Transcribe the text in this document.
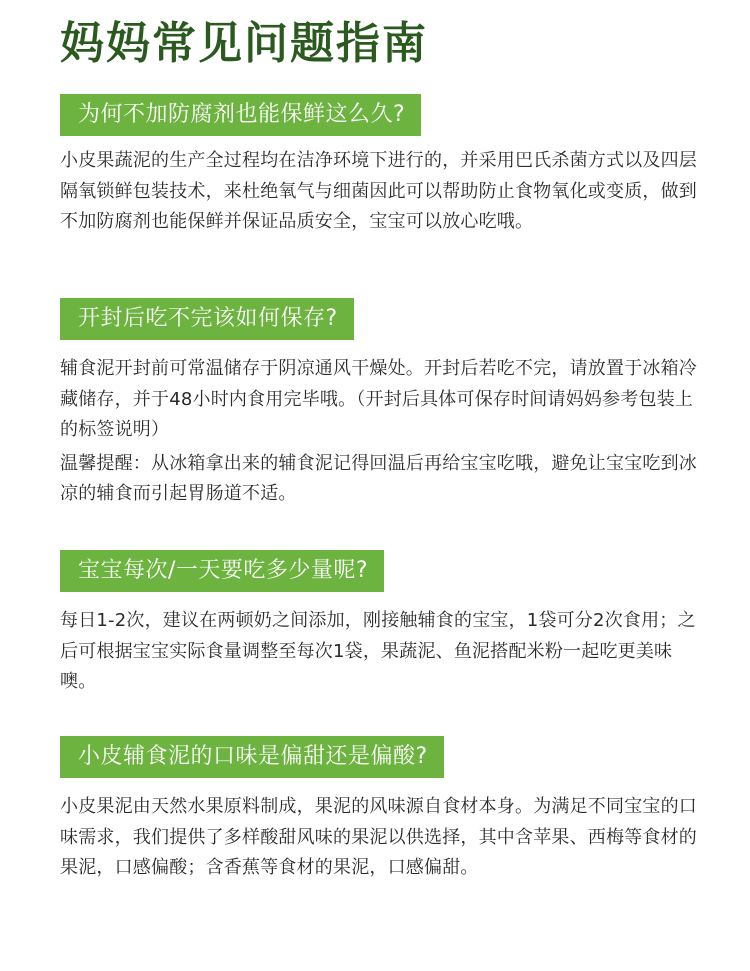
妈妈常见问题指南
为何不加防腐剂也能保鲜这么久?

小皮果蔬泥的生产全过程均在洁净环境下进行的，并采用巴氏杀菌方式以及四层隔氧锁鲜包装技术，来杜绝氧气与细菌因此可以帮助防止食物氧化或变质，做到不加防腐剂也能保鲜并保证品质安全，宝宝可以放心吃哦。

开封后吃不完该如何保存?

辅食泥开封前可常温储存于阴凉通风干燥处。开封后若吃不完，请放置于冰箱冷藏储存，并于48小时内食用完毕哦。（开封后具体可保存时间请妈妈参考包装上的标签说明）

温馨提醒：从冰箱拿出来的辅食泥记得回温后再给宝宝吃哦，避免让宝宝吃到冰凉的辅食而引起胃肠道不适。

宝宝每次/一天要吃多少量呢?

每日1-2次，建议在两顿奶之间添加，刚接触辅食的宝宝，1袋可分2次食用；之后可根据宝宝实际食量调整至每次1袋，果蔬泥、鱼泥搭配米粉一起吃更美味噢。

小皮辅食泥的口味是偏甜还是偏酸?

小皮果泥由天然水果原料制成，果泥的风味源自食材本身。为满足不同宝宝的口味需求，我们提供了多样酸甜风味的果泥以供选择，其中含苹果、西梅等食材的果泥，口感偏酸；含香蕉等食材的果泥，口感偏甜。
